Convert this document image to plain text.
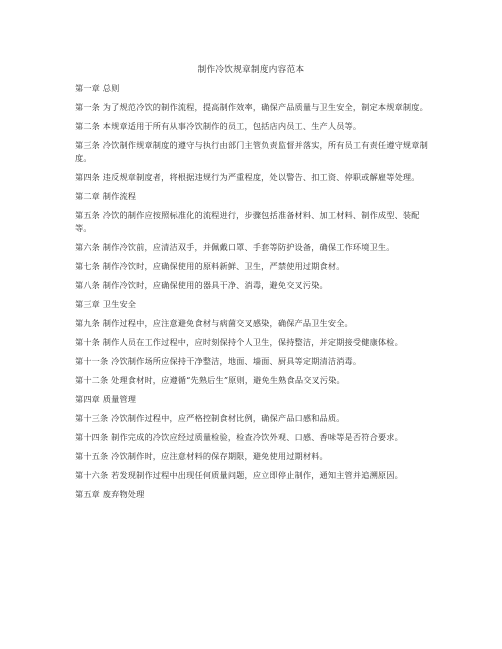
制作冷饮规章制度内容范本
第一章 总则
第一条 为了规范冷饮的制作流程，提高制作效率，确保产品质量与卫生安全，制定本规章制度。
第二条 本规章适用于所有从事冷饮制作的员工，包括店内员工、生产人员等。
第三条 冷饮制作规章制度的遵守与执行由部门主管负责监督并落实，所有员工有责任遵守规章制度。
第四条 违反规章制度者，将根据违规行为严重程度，处以警告、扣工资、停职或解雇等处理。
第二章 制作流程
第五条 冷饮的制作应按照标准化的流程进行，步骤包括准备材料、加工材料、制作成型、装配等。
第六条 制作冷饮前，应清洁双手，并佩戴口罩、手套等防护设备，确保工作环境卫生。
第七条 制作冷饮时，应确保使用的原料新鲜、卫生，严禁使用过期食材。
第八条 制作冷饮时，应确保使用的器具干净、消毒，避免交叉污染。
第三章 卫生安全
第九条 制作过程中，应注意避免食材与病菌交叉感染，确保产品卫生安全。
第十条 制作人员在工作过程中，应时刻保持个人卫生，保持整洁，并定期接受健康体检。
第十一条 冷饮制作场所应保持干净整洁，地面、墙面、厨具等定期清洁消毒。
第十二条 处理食材时，应遵循“先熟后生”原则，避免生熟食品交叉污染。
第四章 质量管理
第十三条 冷饮制作过程中，应严格控制食材比例，确保产品口感和品质。
第十四条 制作完成的冷饮应经过质量检验，检查冷饮外观、口感、香味等是否符合要求。
第十五条 冷饮制作时，应注意材料的保存期限，避免使用过期材料。
第十六条 若发现制作过程中出现任何质量问题，应立即停止制作，通知主管并追溯原因。
第五章 废弃物处理
